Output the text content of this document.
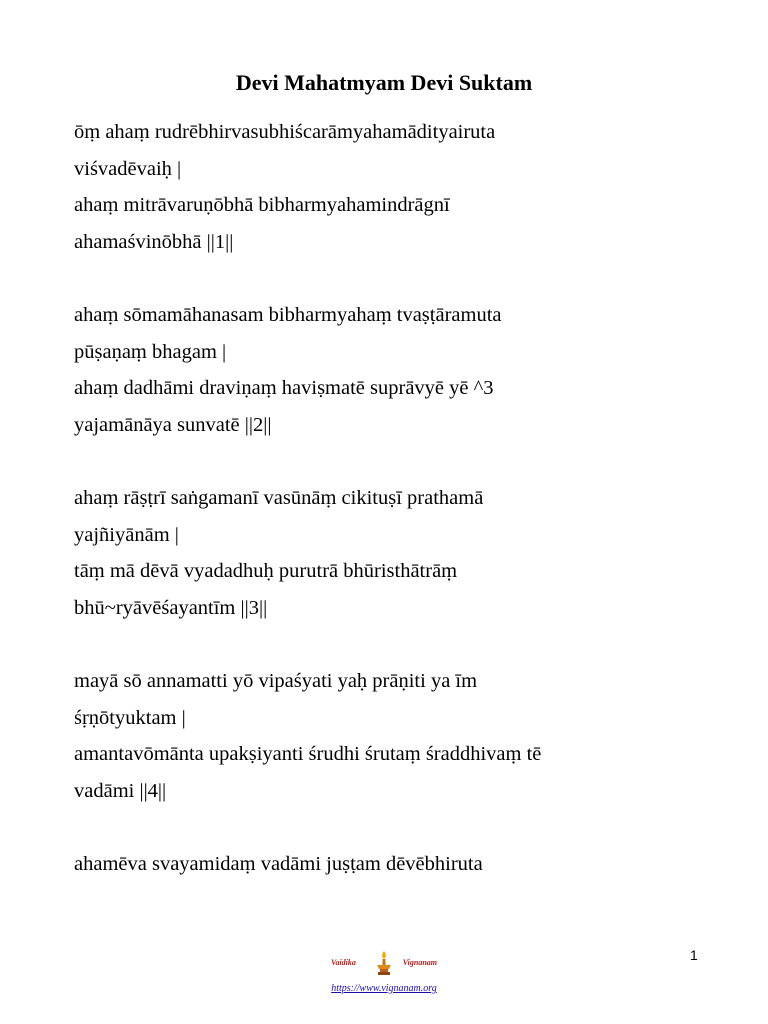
Devi Mahatmyam Devi Suktam
ōṃ ahaṃ rudrēbhirvasubhiścarāmyahamādityairuta
viśvadēvaiḥ |
ahaṃ mitrāvaruṇōbhā bibharmyahamindrāgnī
ahamaśvinōbhā ||1||
ahaṃ sōmamāhanasam bibharmyahaṃ tvaṣṭāramuta
pūṣaṇaṃ bhagam |
ahaṃ dadhāmi draviṇaṃ haviṣmatē suprāvyē yē ^3
yajamānāya sunvatē ||2||
ahaṃ rāṣṭrī saṅgamanī vasūnāṃ cikituṣī prathamā
yajñiyānām |
tāṃ mā dēvā vyadadhuḥ purutrā bhūristhātrāṃ
bhū~ryāvēśayantīm ||3||
mayā sō annamatti yō vipaśyati yaḥ prāṇiti ya īm
śṛṇōtyuktam |
amantavōmānta upakṣiyanti śrudhi śrutaṃ śraddhivaṃ tē
vadāmi ||4||
ahamēva svayamidaṃ vadāmi juṣṭam dēvēbhiruta
1
Vaidika	Vignanam
https://www.vignanam.org
